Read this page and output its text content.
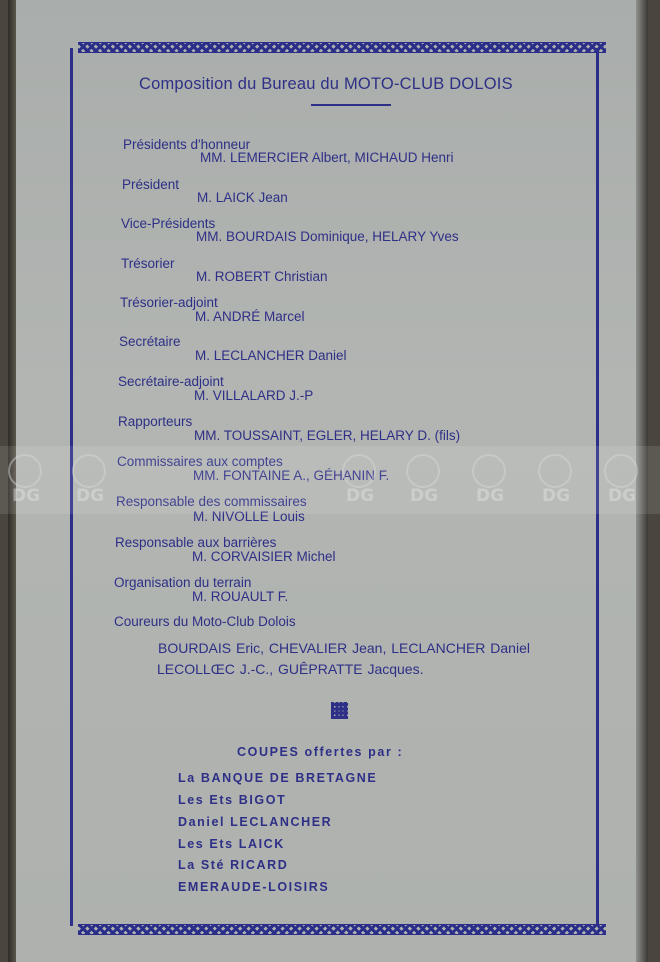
Composition du Bureau du MOTO-CLUB DOLOIS
Présidents d'honneur
MM. LEMERCIER Albert, MICHAUD Henri
Président
M. LAICK Jean
Vice-Présidents
MM. BOURDAIS Dominique, HELARY Yves
Trésorier
M. ROBERT Christian
Trésorier-adjoint
M. ANDRÉ Marcel
Secrétaire
M. LECLANCHER Daniel
Secrétaire-adjoint
M. VILLALARD J.-P
Rapporteurs
MM. TOUSSAINT, EGLER, HELARY D. (fils)
Commissaires aux comptes
MM. FONTAINE A., GÉHANIN F.
Responsable des commissaires
M. NIVOLLE Louis
Responsable aux barrières
M. CORVAISIER Michel
Organisation du terrain
M. ROUAULT F.
Coureurs du Moto-Club Dolois
BOURDAIS Eric, CHEVALIER Jean, LECLANCHER Daniel
LECOLLŒC J.-C., GUÊPRATTE Jacques.
COUPES offertes par :
La BANQUE DE BRETAGNE
Les Ets BIGOT
Daniel LECLANCHER
Les Ets LAICK
La Sté RICARD
EMERAUDE-LOISIRS
DG DG	DG DG DG DG DG
